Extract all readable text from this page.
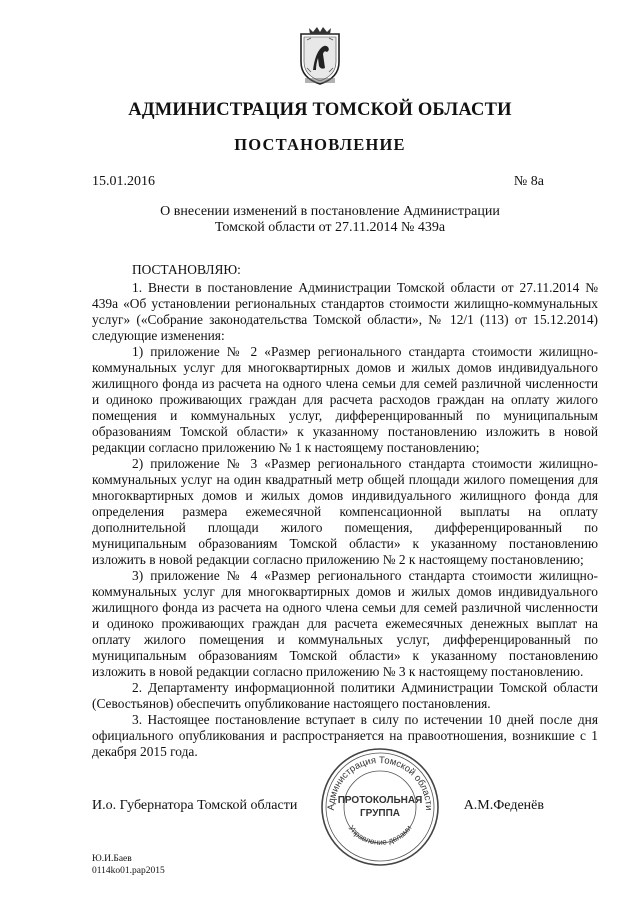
АДМИНИСТРАЦИЯ ТОМСКОЙ ОБЛАСТИ
ПОСТАНОВЛЕНИЕ
15.01.2016	№ 8а
О внесении изменений в постановление Администрации
Томской области от 27.11.2014 № 439а

ПОСТАНОВЛЯЮ:

1. Внести в постановление Администрации Томской области от 27.11.2014 № 439а «Об установлении региональных стандартов стоимости жилищно-коммунальных услуг» («Собрание законодательства Томской области», № 12/1 (113) от 15.12.2014) следующие изменения:

1) приложение № 2 «Размер регионального стандарта стоимости жилищно-коммунальных услуг для многоквартирных домов и жилых домов индивидуального жилищного фонда из расчета на одного члена семьи для семей различной численности и одиноко проживающих граждан для расчета расходов граждан на оплату жилого помещения и коммунальных услуг, дифференцированный по муниципальным образованиям Томской области» к указанному постановлению изложить в новой редакции согласно приложению № 1 к настоящему постановлению;

2) приложение № 3 «Размер регионального стандарта стоимости жилищно-коммунальных услуг на один квадратный метр общей площади жилого помещения для многоквартирных домов и жилых домов индивидуального жилищного фонда для определения размера ежемесячной компенсационной выплаты на оплату дополнительной площади жилого помещения, дифференцированный по муниципальным образованиям Томской области» к указанному постановлению изложить в новой редакции согласно приложению № 2 к настоящему постановлению;

3) приложение № 4 «Размер регионального стандарта стоимости жилищно-коммунальных услуг для многоквартирных домов и жилых домов индивидуального жилищного фонда из расчета на одного члена семьи для семей различной численности и одиноко проживающих граждан для расчета ежемесячных денежных выплат на оплату жилого помещения и коммунальных услуг, дифференцированный по муниципальным образованиям Томской области» к указанному постановлению изложить в новой редакции согласно приложению № 3 к настоящему постановлению.

2. Департаменту информационной политики Администрации Томской области (Севостьянов) обеспечить опубликование настоящего постановления.

3. Настоящее постановление вступает в силу по истечении 10 дней после дня официального опубликования и распространяется на правоотношения, возникшие с 1 декабря 2015 года.

Администрация Томской области
ПРОТОКОЛЬНАЯ
ГРУППА
Управление делами
И.о. Губернатора Томской области	А.М.Феденёв
Ю.И.Баев
0114ko01.pap2015
